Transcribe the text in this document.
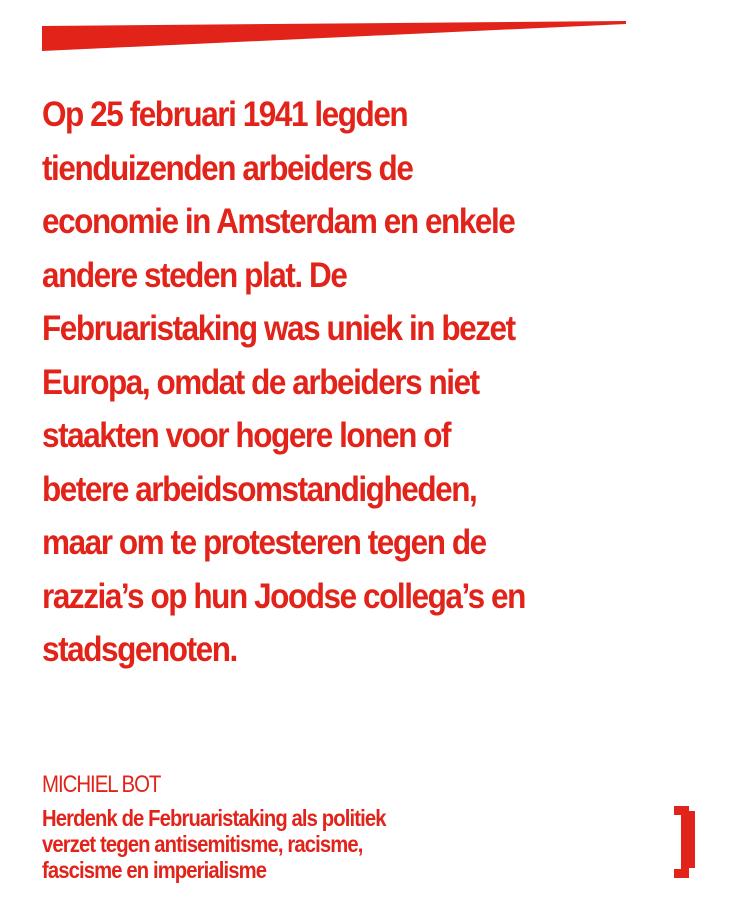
Op 25 februari 1941 legden
tienduizenden arbeiders de
economie in Amsterdam en enkele
andere steden plat. De
Februaristaking was uniek in bezet
Europa, omdat de arbeiders niet
staakten voor hogere lonen of
betere arbeidsomstandigheden,
maar om te protesteren tegen de
razzia’s op hun Joodse collega’s en
stadsgenoten.
MICHIEL BOT
Herdenk de Februaristaking als politiek
verzet tegen antisemitisme, racisme,
fascisme en imperialisme
